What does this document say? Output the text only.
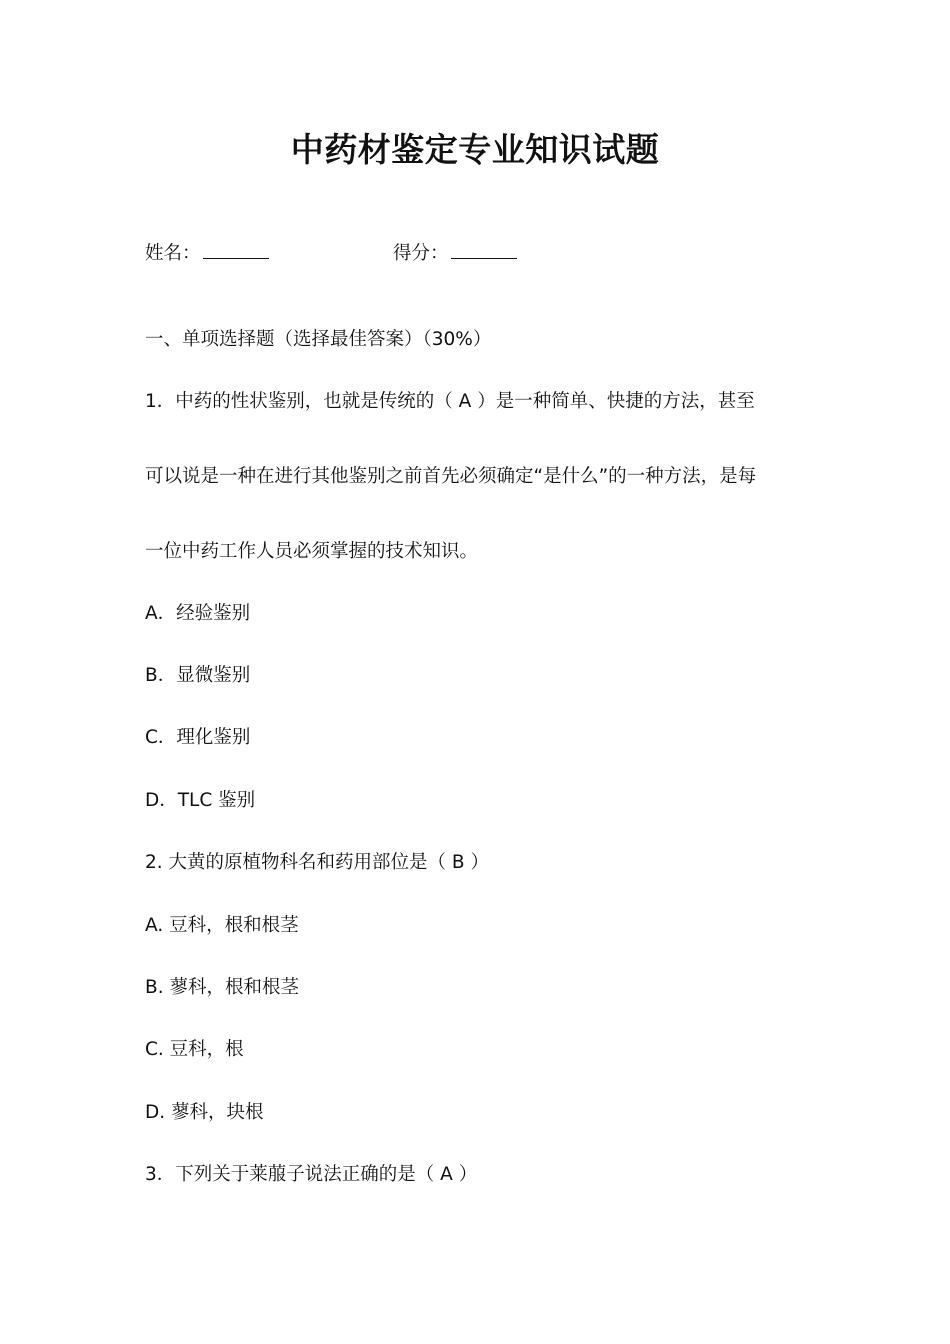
中药材鉴定专业知识试题
姓名：	得分：
一、单项选择题（选择最佳答案）（30%）
1．中药的性状鉴别，也就是传统的（ A ）是一种简单、快捷的方法，甚至
可以说是一种在进行其他鉴别之前首先必须确定“是什么”的一种方法，是每
一位中药工作人员必须掌握的技术知识。
A．经验鉴别
B．显微鉴别
C．理化鉴别
D．TLC 鉴别
2. 大黄的原植物科名和药用部位是（ B ）
A. 豆科，根和根茎
B. 蓼科，根和根茎
C. 豆科，根
D. 蓼科，块根
3．下列关于莱菔子说法正确的是（ A ）
